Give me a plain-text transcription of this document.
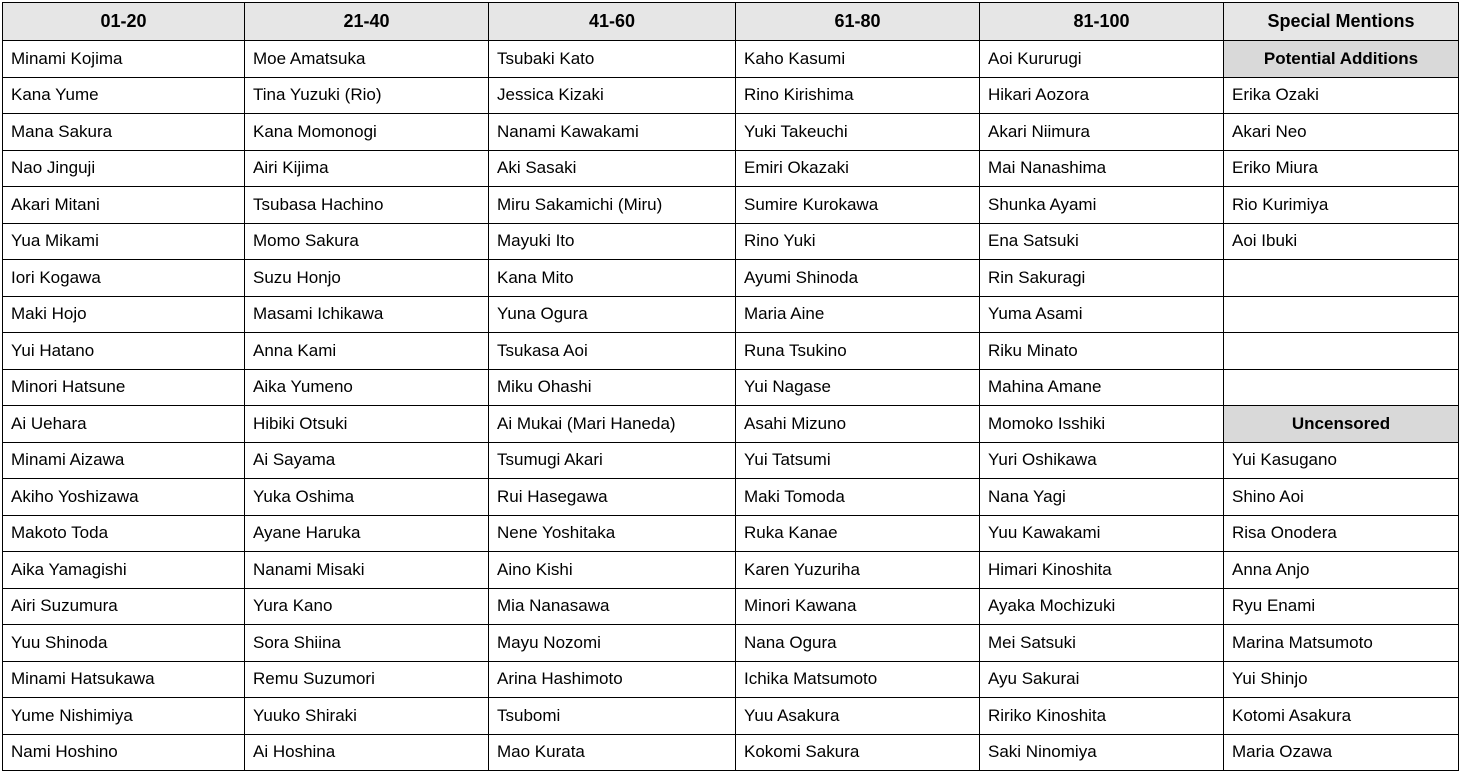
01-20	21-40	41-60	61-80	81-100	Special Mentions
Minami Kojima	Moe Amatsuka	Tsubaki Kato	Kaho Kasumi	Aoi Kururugi	Potential Additions
Kana Yume	Tina Yuzuki (Rio)	Jessica Kizaki	Rino Kirishima	Hikari Aozora	Erika Ozaki
Mana Sakura	Kana Momonogi	Nanami Kawakami	Yuki Takeuchi	Akari Niimura	Akari Neo
Nao Jinguji	Airi Kijima	Aki Sasaki	Emiri Okazaki	Mai Nanashima	Eriko Miura
Akari Mitani	Tsubasa Hachino	Miru Sakamichi (Miru)	Sumire Kurokawa	Shunka Ayami	Rio Kurimiya
Yua Mikami	Momo Sakura	Mayuki Ito	Rino Yuki	Ena Satsuki	Aoi Ibuki
Iori Kogawa	Suzu Honjo	Kana Mito	Ayumi Shinoda	Rin Sakuragi	
Maki Hojo	Masami Ichikawa	Yuna Ogura	Maria Aine	Yuma Asami	
Yui Hatano	Anna Kami	Tsukasa Aoi	Runa Tsukino	Riku Minato	
Minori Hatsune	Aika Yumeno	Miku Ohashi	Yui Nagase	Mahina Amane	
Ai Uehara	Hibiki Otsuki	Ai Mukai (Mari Haneda)	Asahi Mizuno	Momoko Isshiki	Uncensored
Minami Aizawa	Ai Sayama	Tsumugi Akari	Yui Tatsumi	Yuri Oshikawa	Yui Kasugano
Akiho Yoshizawa	Yuka Oshima	Rui Hasegawa	Maki Tomoda	Nana Yagi	Shino Aoi
Makoto Toda	Ayane Haruka	Nene Yoshitaka	Ruka Kanae	Yuu Kawakami	Risa Onodera
Aika Yamagishi	Nanami Misaki	Aino Kishi	Karen Yuzuriha	Himari Kinoshita	Anna Anjo
Airi Suzumura	Yura Kano	Mia Nanasawa	Minori Kawana	Ayaka Mochizuki	Ryu Enami
Yuu Shinoda	Sora Shiina	Mayu Nozomi	Nana Ogura	Mei Satsuki	Marina Matsumoto
Minami Hatsukawa	Remu Suzumori	Arina Hashimoto	Ichika Matsumoto	Ayu Sakurai	Yui Shinjo
Yume Nishimiya	Yuuko Shiraki	Tsubomi	Yuu Asakura	Ririko Kinoshita	Kotomi Asakura
Nami Hoshino	Ai Hoshina	Mao Kurata	Kokomi Sakura	Saki Ninomiya	Maria Ozawa
